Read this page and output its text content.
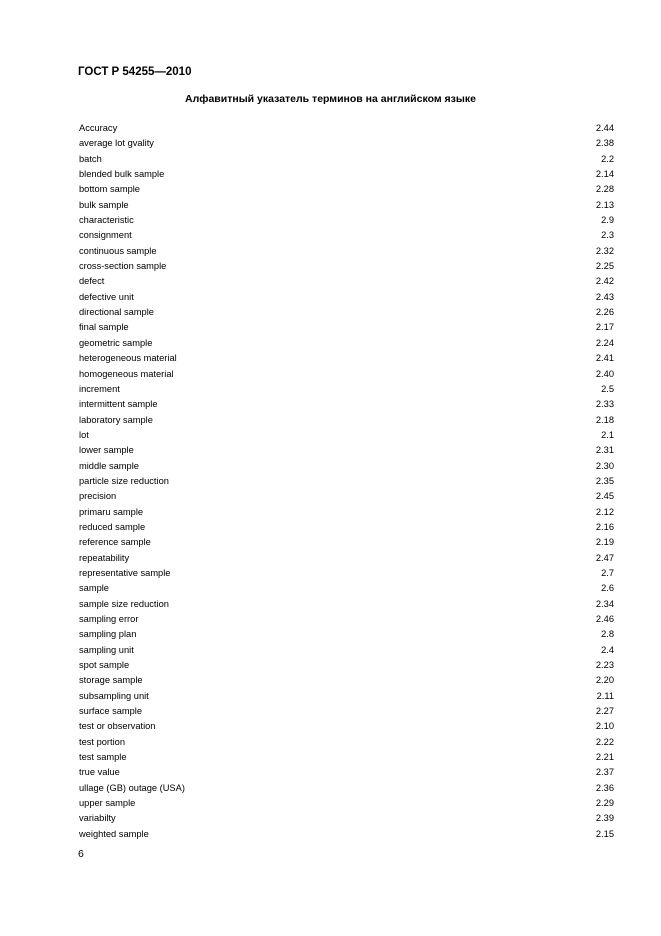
ГОСТ Р 54255—2010
Алфавитный указатель терминов на английском языке
Accuracy	2.44
average lot gvality	2.38
batch	2.2
blended bulk sample	2.14
bottom sample	2.28
bulk sample	2.13
characteristic	2.9
consignment	2.3
continuous sample	2.32
cross-section sample	2.25
defect	2.42
defective unit	2.43
directional sample	2.26
final sample	2.17
geometric sample	2.24
heterogeneous material	2.41
homogeneous material	2.40
increment	2.5
intermittent sample	2.33
laboratory sample	2.18
lot	2.1
lower sample	2.31
middle sample	2.30
particle size reduction	2.35
precision	2.45
primaru sample	2.12
reduced sample	2.16
reference sample	2.19
repeatability	2.47
representative sample	2.7
sample	2.6
sample size reduction	2.34
sampling error	2.46
sampling plan	2.8
sampling unit	2.4
spot sample	2.23
storage sample	2.20
subsampling unit	2.11
surface sample	2.27
test or observation	2.10
test portion	2.22
test sample	2.21
true value	2.37
ullage (GB) outage (USA)	2.36
upper sample	2.29
variabilty	2.39
weighted sample	2.15
6
